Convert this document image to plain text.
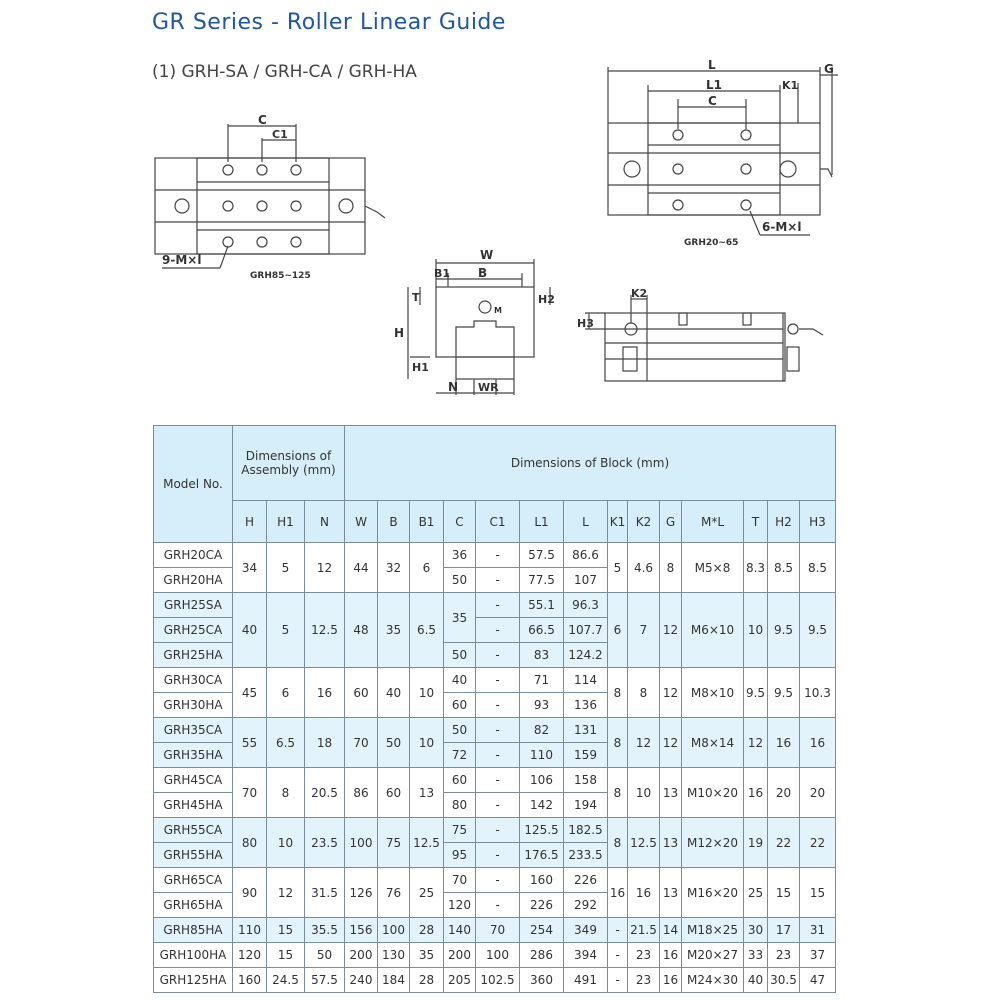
GR Series - Roller Linear Guide
(1) GRH-SA / GRH-CA / GRH-HA
C
C1
9-M×l
GRH85~125
L
L1	K1
C
G
6-M×l
GRH20~65
W
B1 B
T	H2
H
H1
N WR
M
K2
H3
Model No.	Dimensions of Assembly (mm)			Dimensions of Block (mm)													
	H	H1	N	W	B	B1	C	C1	L1	L	K1	K2	G	M*L	T	H2	H3
GRH20CA	34	5	12	44	32	6	36	-	57.5	86.6	5	4.6	8	M5×8	8.3	8.5	8.5
GRH20HA							50	-	77.5	107							
GRH25SA	40	5	12.5	48	35	6.5	35	-	55.1	96.3	6	7	12	M6×10	10	9.5	9.5
GRH25CA								-	66.5	107.7							
GRH25HA							50	-	83	124.2							
GRH30CA	45	6	16	60	40	10	40	-	71	114	8	8	12	M8×10	9.5	9.5	10.3
GRH30HA							60	-	93	136							
GRH35CA	55	6.5	18	70	50	10	50	-	82	131	8	12	12	M8×14	12	16	16
GRH35HA							72	-	110	159							
GRH45CA	70	8	20.5	86	60	13	60	-	106	158	8	10	13	M10×20	16	20	20
GRH45HA							80	-	142	194							
GRH55CA	80	10	23.5	100	75	12.5	75	-	125.5	182.5	8	12.5	13	M12×20	19	22	22
GRH55HA							95	-	176.5	233.5							
GRH65CA	90	12	31.5	126	76	25	70	-	160	226	16	16	13	M16×20	25	15	15
GRH65HA							120	-	226	292							
GRH85HA	110	15	35.5	156	100	28	140	70	254	349	-	21.5	14	M18×25	30	17	31
GRH100HA	120	15	50	200	130	35	200	100	286	394	-	23	16	M20×27	33	23	37
GRH125HA	160	24.5	57.5	240	184	28	205	102.5	360	491	-	23	16	M24×30	40	30.5	47
